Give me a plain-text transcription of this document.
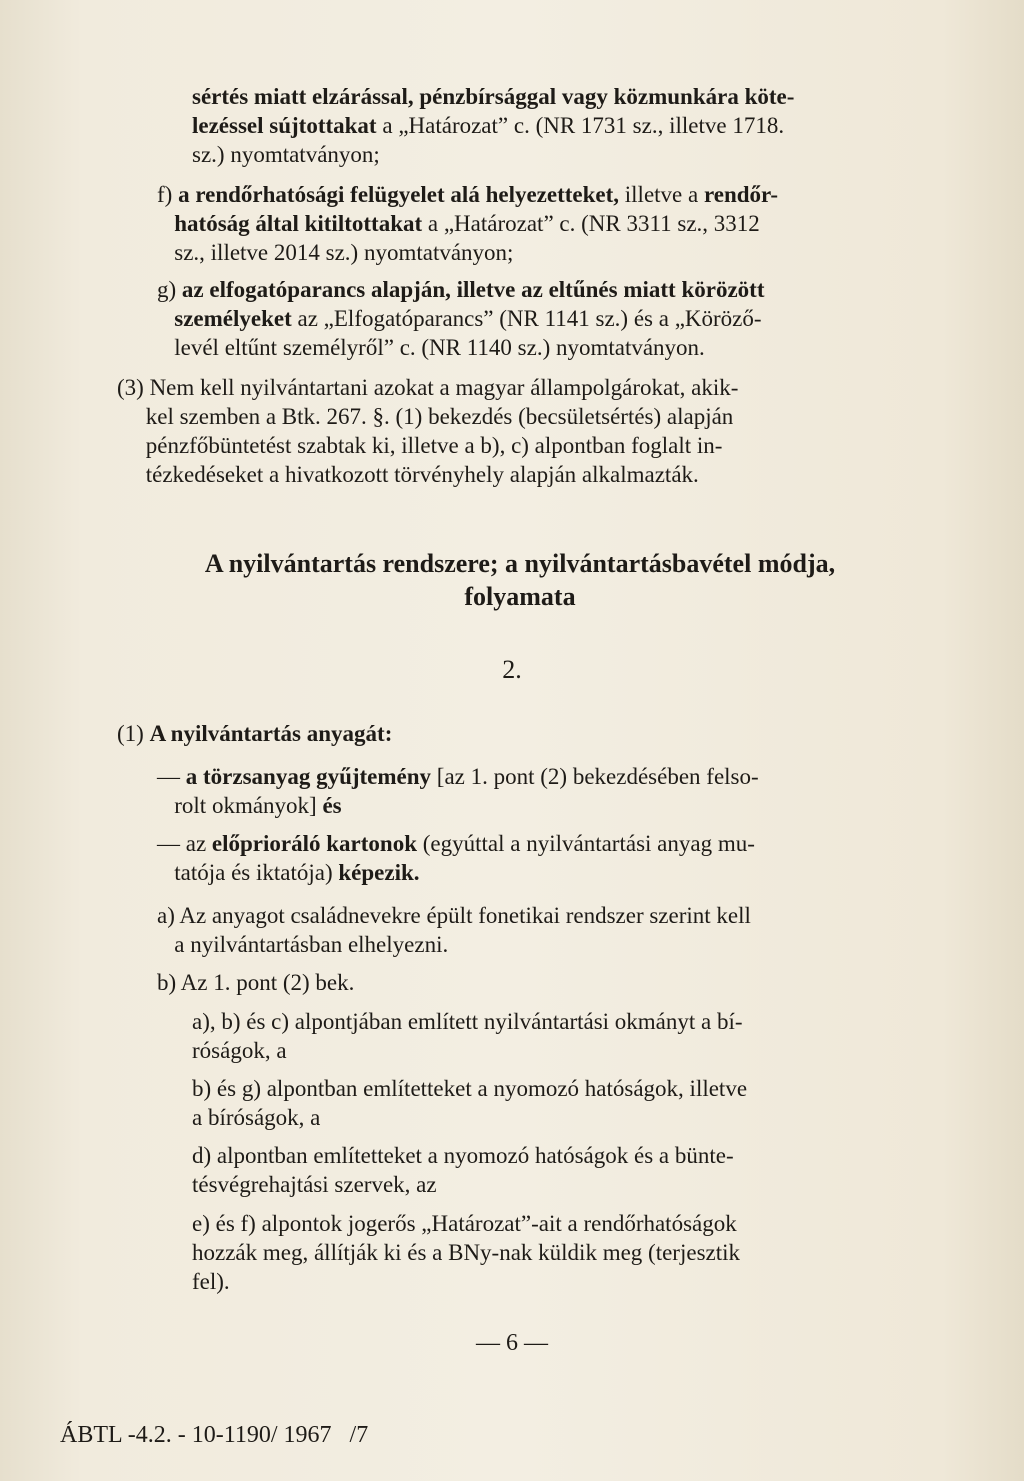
sértés miatt elzárással, pénzbírsággal vagy közmunkára köte-
lezéssel sújtottakat a „Határozat” c. (NR 1731 sz., illetve 1718.
sz.) nyomtatványon;
f) a rendőrhatósági felügyelet alá helyezetteket, illetve a rendőr-
hatóság által kitiltottakat a „Határozat” c. (NR 3311 sz., 3312
sz., illetve 2014 sz.) nyomtatványon;
g) az elfogatóparancs alapján, illetve az eltűnés miatt körözött
személyeket az „Elfogatóparancs” (NR 1141 sz.) és a „Köröző-
levél eltűnt személyről” c. (NR 1140 sz.) nyomtatványon.
(3) Nem kell nyilvántartani azokat a magyar állampolgárokat, akik-
kel szemben a Btk. 267. §. (1) bekezdés (becsületsértés) alapján
pénzfőbüntetést szabtak ki, illetve a b), c) alpontban foglalt in-
tézkedéseket a hivatkozott törvényhely alapján alkalmazták.
A nyilvántartás rendszere; a nyilvántartásbavétel módja,
folyamata
2.
(1) A nyilvántartás anyagát:
— a törzsanyag gyűjtemény [az 1. pont (2) bekezdésében felso-
rolt okmányok] és
— az előprioráló kartonok (egyúttal a nyilvántartási anyag mu-
tatója és iktatója) képezik.
a) Az anyagot családnevekre épült fonetikai rendszer szerint kell
a nyilvántartásban elhelyezni.
b) Az 1. pont (2) bek.
a), b) és c) alpontjában említett nyilvántartási okmányt a bí-
róságok, a
b) és g) alpontban említetteket a nyomozó hatóságok, illetve
a bíróságok, a
d) alpontban említetteket a nyomozó hatóságok és a bünte-
tésvégrehajtási szervek, az
e) és f) alpontok jogerős „Határozat”-ait a rendőrhatóságok
hozzák meg, állítják ki és a BNy-nak küldik meg (terjesztik
fel).
— 6 —
ÁBTL -4.2. - 10-1190/ 1967   /7
